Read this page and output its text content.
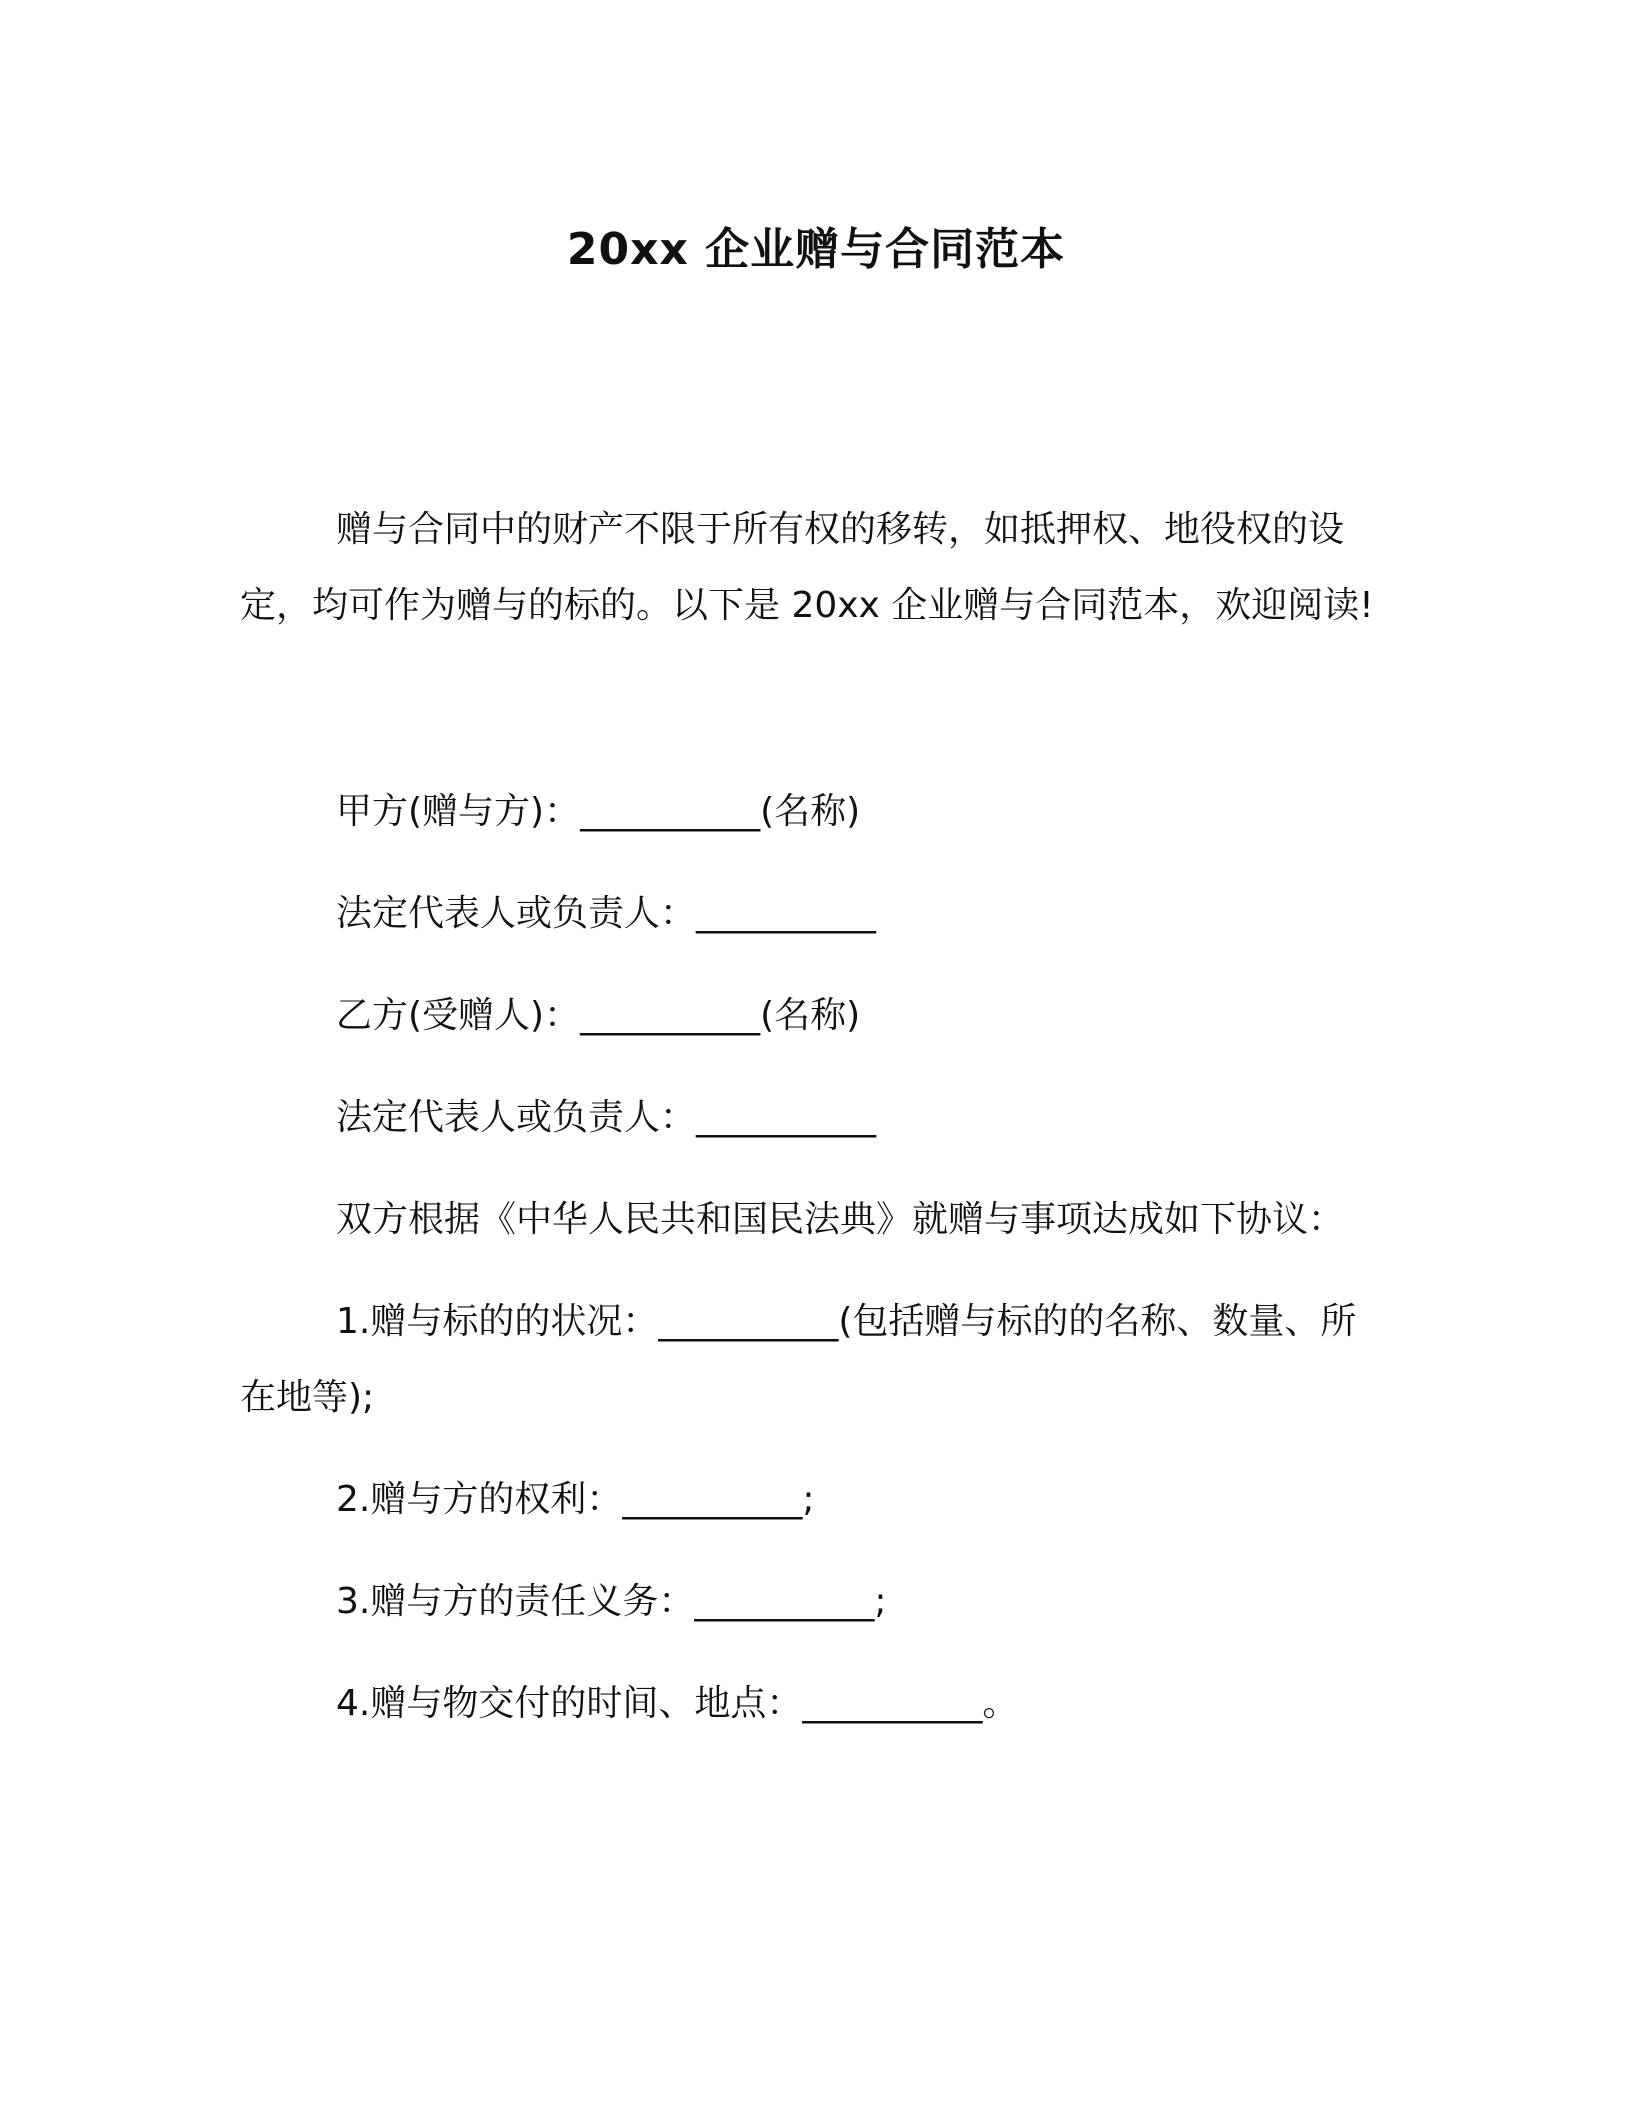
20xx 企业赠与合同范本

赠与合同中的财产不限于所有权的移转，如抵押权、地役权的设定，均可作为赠与的标的。以下是 20xx 企业赠与合同范本，欢迎阅读!

甲方(赠与方)：__________(名称)

法定代表人或负责人：__________

乙方(受赠人)：__________(名称)

法定代表人或负责人：__________

双方根据《中华人民共和国民法典》就赠与事项达成如下协议：

1.赠与标的的状况：__________(包括赠与标的的名称、数量、所在地等);

2.赠与方的权利：__________;

3.赠与方的责任义务：__________;

4.赠与物交付的时间、地点：__________。
